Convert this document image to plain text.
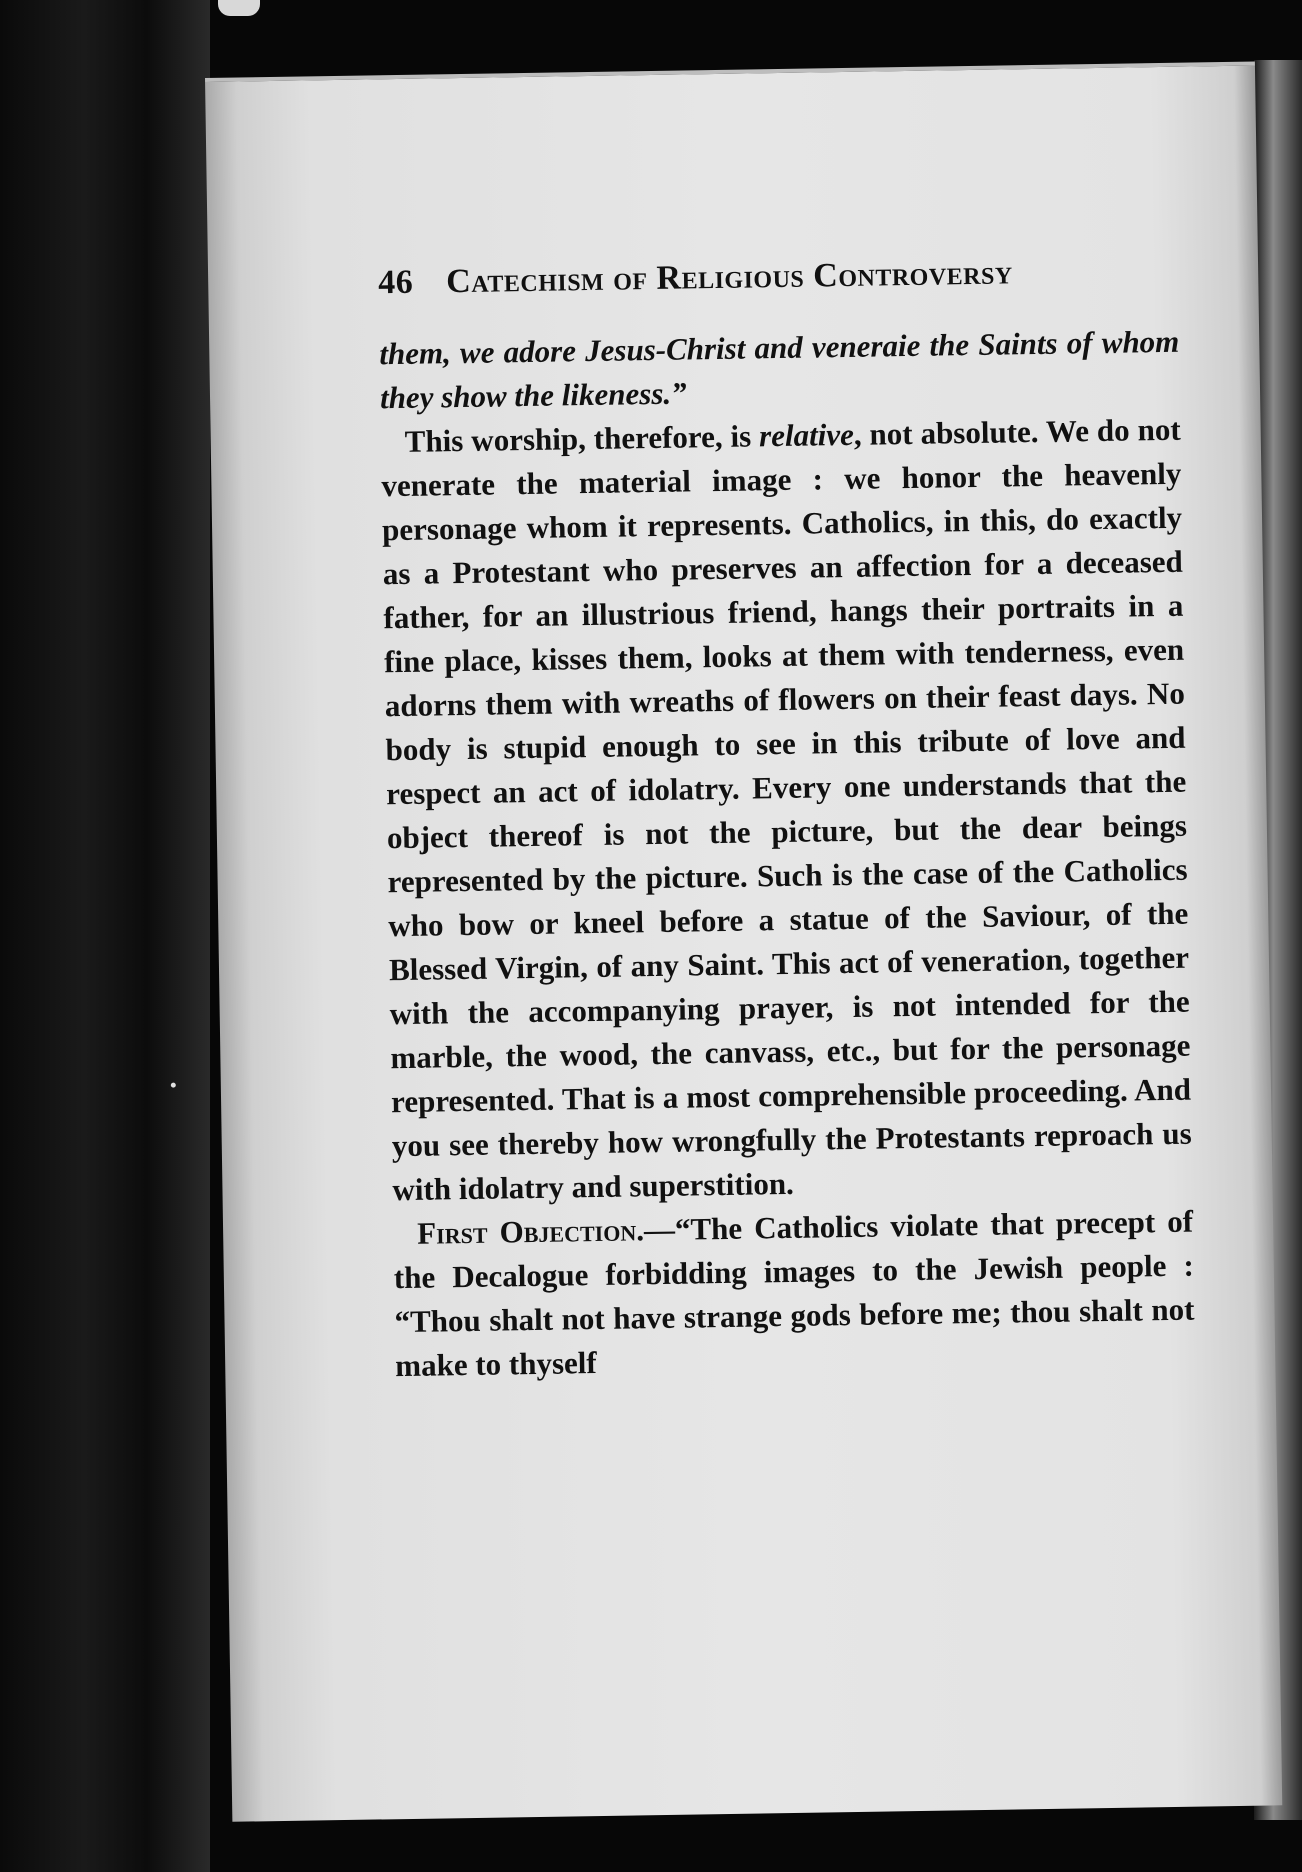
46 Catechism of Religious Controversy

them, we adore Jesus-Christ and veneraie the Saints of whom they show the likeness.”

This worship, therefore, is relative, not absolute. We do not venerate the material image : we honor the heavenly personage whom it represents. Catholics, in this, do exactly as a Protestant who preserves an affection for a deceased father, for an illustrious friend, hangs their portraits in a fine place, kisses them, looks at them with tenderness, even adorns them with wreaths of flowers on their feast days. No body is stupid enough to see in this tribute of love and respect an act of idolatry. Every one understands that the object thereof is not the picture, but the dear beings represented by the picture. Such is the case of the Catholics who bow or kneel before a statue of the Saviour, of the Blessed Virgin, of any Saint. This act of veneration, together with the accompanying prayer, is not intended for the marble, the wood, the canvass, etc., but for the personage represented. That is a most comprehensible proceeding. And you see thereby how wrongfully the Protestants reproach us with idolatry and superstition.

First Objection.—“The Catholics violate that precept of the Decalogue forbidding images to the Jewish people : “Thou shalt not have strange gods before me; thou shalt not make to thyself
